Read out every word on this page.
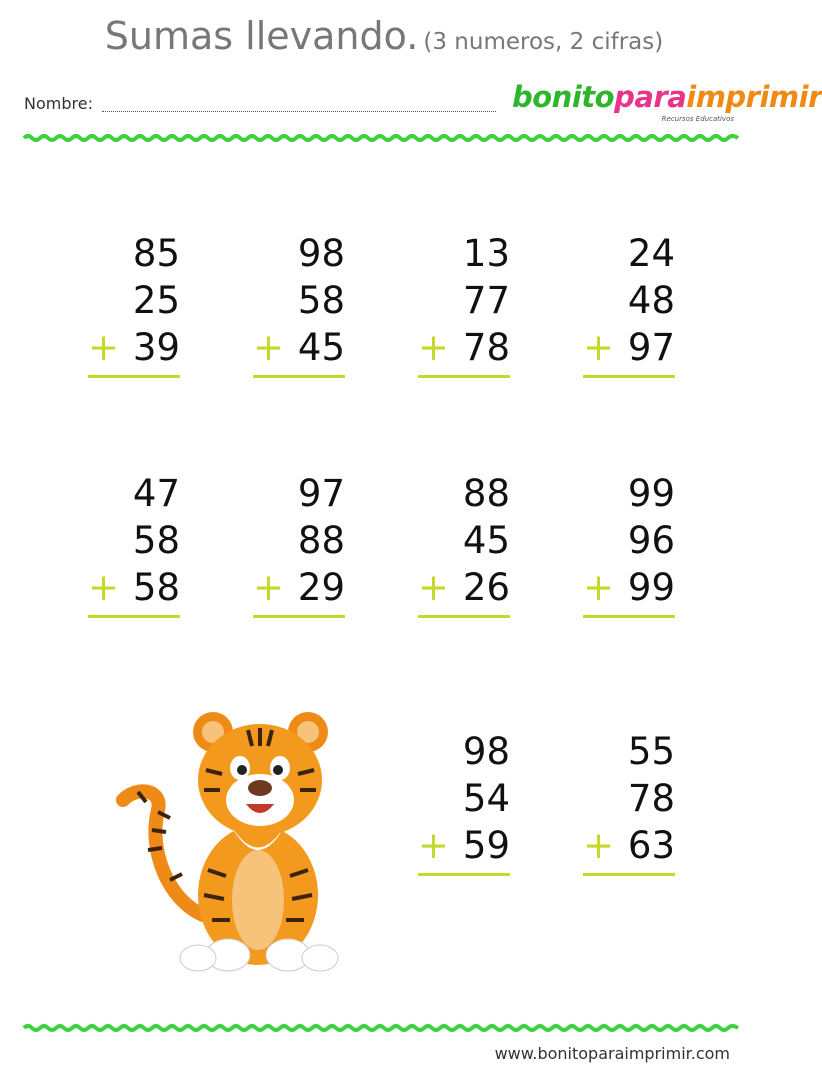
Sumas llevando. (3 numeros, 2 cifras)
Nombre:	bonitoparaimprimir
Recursos Educativos
85
25
39
+
98
58
45
+
13
77
78
+
24
48
97
+
47
58
58
+
97
88
29
+
88
45
26
+
99
96
99
+
98
54
59
+
55
78
63
+
www.bonitoparaimprimir.com
